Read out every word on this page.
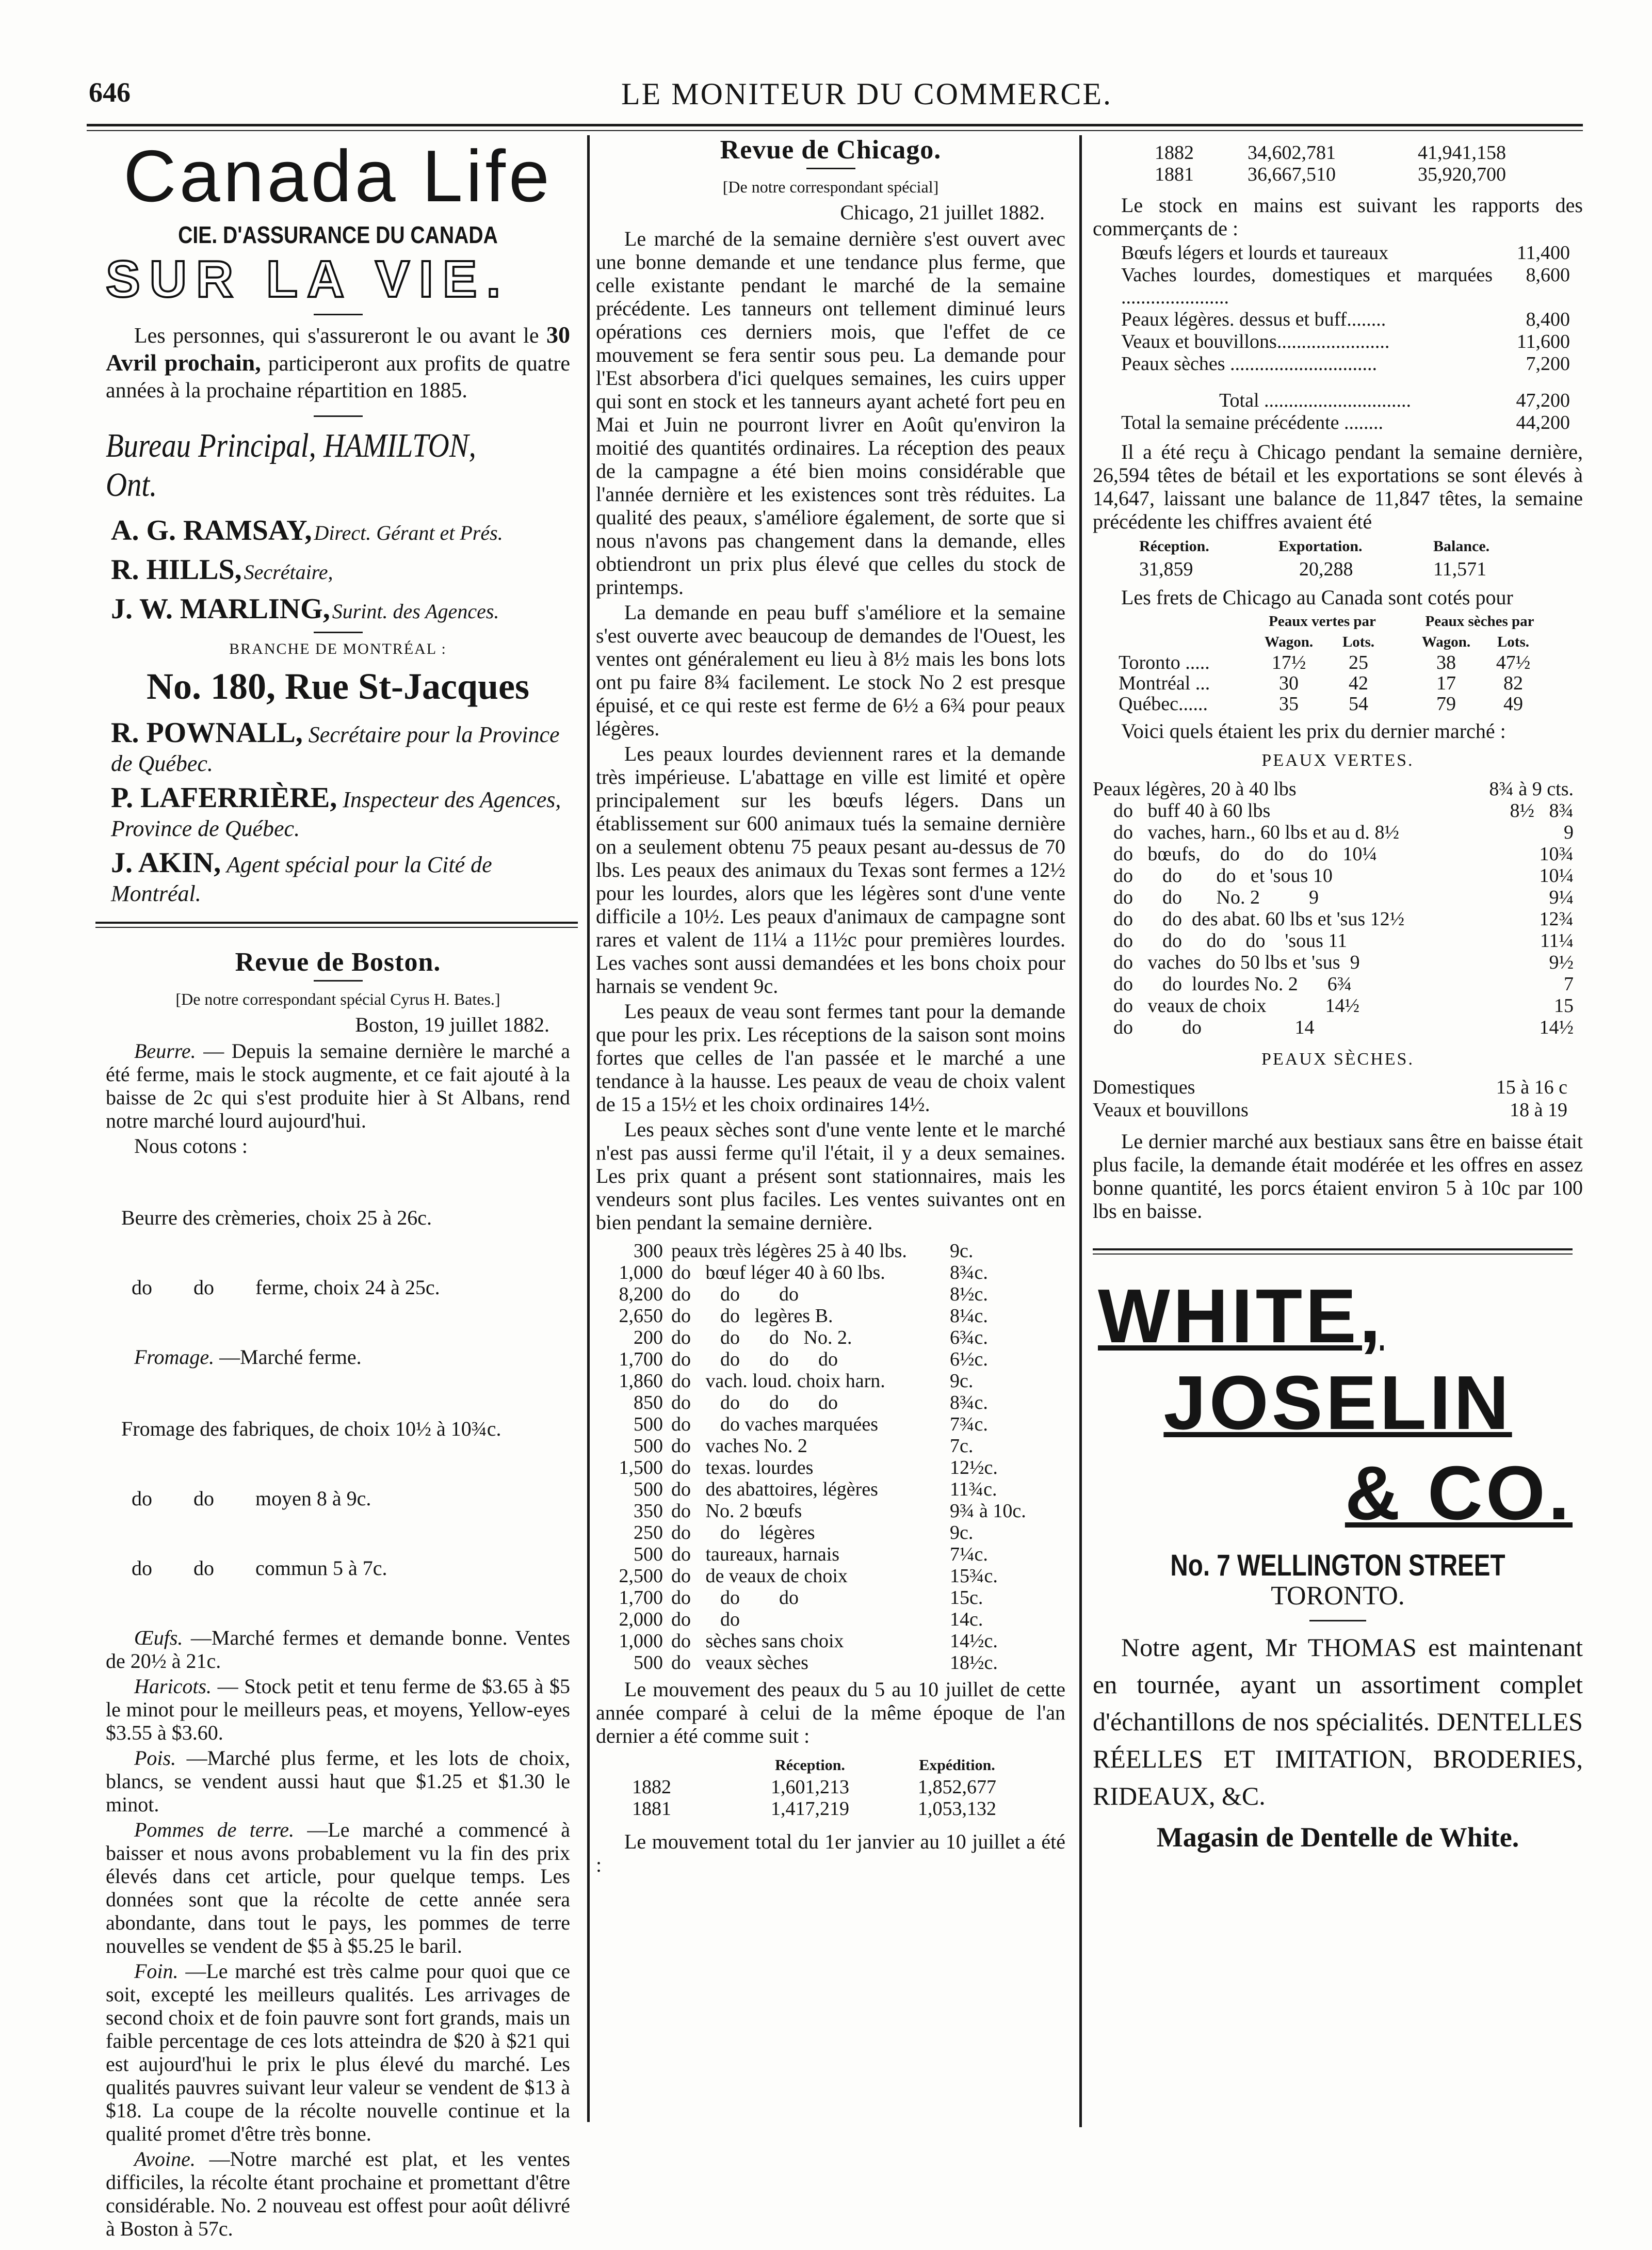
646	LE MONITEUR DU COMMERCE.
Canada Life
CIE. D'ASSURANCE DU CANADA
SUR LA VIE.
Les personnes, qui s'assureront le ou avant le 30 Avril prochain, participeront aux profits de quatre années à la prochaine répartition en 1885.
Bureau Principal, HAMILTON, Ont.
A. G. RAMSAY, Direct. Gérant et Prés.
R. HILLS, Secrétaire,
J. W. MARLING, Surint. des Agences.
BRANCHE DE MONTRÉAL :
No. 180, Rue St-Jacques
R. POWNALL, Secrétaire pour la Province de Québec.
P. LAFERRIÈRE, Inspecteur des Agences, Province de Québec.
J. AKIN, Agent spécial pour la Cité de Montréal.
Revue de Boston.
[De notre correspondant spécial Cyrus H. Bates.]
Boston, 19 juillet 1882.

Beurre. — Depuis la semaine dernière le marché a été ferme, mais le stock augmente, et ce fait ajouté à la baisse de 2c qui s'est produite hier à St Albans, rend notre marché lourd aujourd'hui.

Nous cotons :

Beurre des crèmeries, choix 25 à 26c.

do        do        ferme, choix 24 à 25c.

Fromage. —Marché ferme.

Fromage des fabriques, de choix 10½ à 10¾c.

do        do        moyen 8 à 9c.

do        do        commun 5 à 7c.

Œufs. —Marché fermes et demande bonne. Ventes de 20½ à 21c.

Haricots. — Stock petit et tenu ferme de $3.65 à $5 le minot pour le meilleurs peas, et moyens, Yellow-eyes $3.55 à $3.60.

Pois. —Marché plus ferme, et les lots de choix, blancs, se vendent aussi haut que $1.25 et $1.30 le minot.

Pommes de terre. —Le marché a commencé à baisser et nous avons probablement vu la fin des prix élevés dans cet article, pour quelque temps. Les données sont que la récolte de cette année sera abondante, dans tout le pays, les pommes de terre nouvelles se vendent de $5 à $5.25 le baril.

Foin. —Le marché est très calme pour quoi que ce soit, excepté les meilleurs qualités. Les arrivages de second choix et de foin pauvre sont fort grands, mais un faible percentage de ces lots atteindra de $20 à $21 qui est aujourd'hui le prix le plus élevé du marché. Les qualités pauvres suivant leur valeur se vendent de $13 à $18. La coupe de la récolte nouvelle continue et la qualité promet d'être très bonne.

Avoine. —Notre marché est plat, et les ventes difficiles, la récolte étant prochaine et promettant d'être considérable. No. 2 nouveau est offest pour août délivré à Boston à 57c.

Revue de Chicago.
[De notre correspondant spécial]
Chicago, 21 juillet 1882.

Le marché de la semaine dernière s'est ouvert avec une bonne demande et une tendance plus ferme, que celle existante pendant le marché de la semaine précédente. Les tanneurs ont tellement diminué leurs opérations ces derniers mois, que l'effet de ce mouvement se fera sentir sous peu. La demande pour l'Est absorbera d'ici quelques semaines, les cuirs upper qui sont en stock et les tanneurs ayant acheté fort peu en Mai et Juin ne pourront livrer en Août qu'environ la moitié des quantités ordinaires. La réception des peaux de la campagne a été bien moins considérable que l'année dernière et les existences sont très réduites. La qualité des peaux, s'améliore également, de sorte que si nous n'avons pas changement dans la demande, elles obtiendront un prix plus élevé que celles du stock de printemps.

La demande en peau buff s'améliore et la semaine s'est ouverte avec beaucoup de demandes de l'Ouest, les ventes ont généralement eu lieu à 8½ mais les bons lots ont pu faire 8¾ facilement. Le stock No 2 est presque épuisé, et ce qui reste est ferme de 6½ a 6¾ pour peaux légères.

Les peaux lourdes deviennent rares et la demande très impérieuse. L'abattage en ville est limité et opère principalement sur les bœufs légers. Dans un établissement sur 600 animaux tués la semaine dernière on a seulement obtenu 75 peaux pesant au-dessus de 70 lbs. Les peaux des animaux du Texas sont fermes a 12½ pour les lourdes, alors que les légères sont d'une vente difficile a 10½. Les peaux d'animaux de campagne sont rares et valent de 11¼ a 11½c pour premières lourdes. Les vaches sont aussi demandées et les bons choix pour harnais se vendent 9c.

Les peaux de veau sont fermes tant pour la demande que pour les prix. Les réceptions de la saison sont moins fortes que celles de l'an passée et le marché a une tendance à la hausse. Les peaux de veau de choix valent de 15 a 15½ et les choix ordinaires 14½.

Les peaux sèches sont d'une vente lente et le marché n'est pas aussi ferme qu'il l'était, il y a deux semaines. Les prix quant a présent sont stationnaires, mais les vendeurs sont plus faciles. Les ventes suivantes ont en bien pendant la semaine dernière.

300	peaux très légères 25 à 40 lbs.	9c.
1,000	do   bœuf léger 40 à 60 lbs.	8¾c.
8,200	do      do        do	8½c.
2,650	do      do   legères B.	8¼c.
200	do      do      do   No. 2.	6¾c.
1,700	do      do      do      do	6½c.
1,860	do   vach. loud. choix harn.	9c.
850	do      do      do      do	8¾c.
500	do      do vaches marquées	7¾c.
500	do   vaches No. 2	7c.
1,500	do   texas. lourdes	12½c.
500	do   des abattoires, légères	11¾c.
350	do   No. 2 bœufs	9¾ à 10c.
250	do      do    légères	9c.
500	do   taureaux, harnais	7¼c.
2,500	do   de veaux de choix	15¾c.
1,700	do      do        do	15c.
2,000	do      do	14c.
1,000	do   sèches sans choix	14½c.
500	do   veaux sèches	18½c.

Le mouvement des peaux du 5 au 10 juillet de cette année comparé à celui de la même époque de l'an dernier a été comme suit :

	Réception.	Expédition.
1882	1,601,213	1,852,677
1881	1,417,219	1,053,132

Le mouvement total du 1er janvier au 10 juillet a été :

1882	34,602,781	41,941,158
1881	36,667,510	35,920,700

Le stock en mains est suivant les rapports des commerçants de :

Bœufs légers et lourds et taureaux	11,400
Vaches lourdes, domestiques et marquées ......................	8,600
Peaux légères. dessus et buff........	8,400
Veaux et bouvillons.......................	11,600
Peaux sèches ..............................	7,200
Total ..............................	47,200
Total la semaine précédente ........	44,200

Il a été reçu à Chicago pendant la semaine dernière, 26,594 têtes de bétail et les exportations se sont élevés à 14,647, laissant une balance de 11,847 têtes, la semaine précédente les chiffres avaient été

Réception.	Exportation.	Balance.
31,859	20,288	11,571

Les frets de Chicago au Canada sont cotés pour

	Peaux vertes par			Peaux sèches par	
	Wagon.	Lots.		Wagon.	Lots.
Toronto .....	17½	25		38	47½
Montréal ...	30	42		17	82
Québec......	35	54		79	49

Voici quels étaient les prix du dernier marché :

PEAUX VERTES.
Peaux légères, 20 à 40 lbs	8¾ à 9 cts.
do   buff 40 à 60 lbs	8½   8¾
do   vaches, harn., 60 lbs et au d. 8½	9
do   bœufs,    do     do     do   10¼	10¾
do      do       do   et 'sous 10	10¼
do      do       No. 2          9	9¼
do      do  des abat. 60 lbs et 'sus 12½	12¾
do      do     do    do    'sous 11	11¼
do   vaches   do 50 lbs et 'sus  9	9½
do      do  lourdes No. 2      6¾	7
do   veaux de choix            14½	15
do          do                   14	14½
PEAUX SÈCHES.
Domestiques	15 à 16 c
Veaux et bouvillons	18 à 19

Le dernier marché aux bestiaux sans être en baisse était plus facile, la demande était modérée et les offres en assez bonne quantité, les porcs étaient environ 5 à 10c par 100 lbs en baisse.

WHITE,
JOSELIN
& CO.
No. 7 WELLINGTON STREET
TORONTO.

Notre agent, Mr THOMAS est maintenant en tournée, ayant un assortiment complet d'échantillons de nos spécialités. DENTELLES RÉELLES ET IMITATION, BRODERIES, RIDEAUX, &C.

Magasin de Dentelle de White.
